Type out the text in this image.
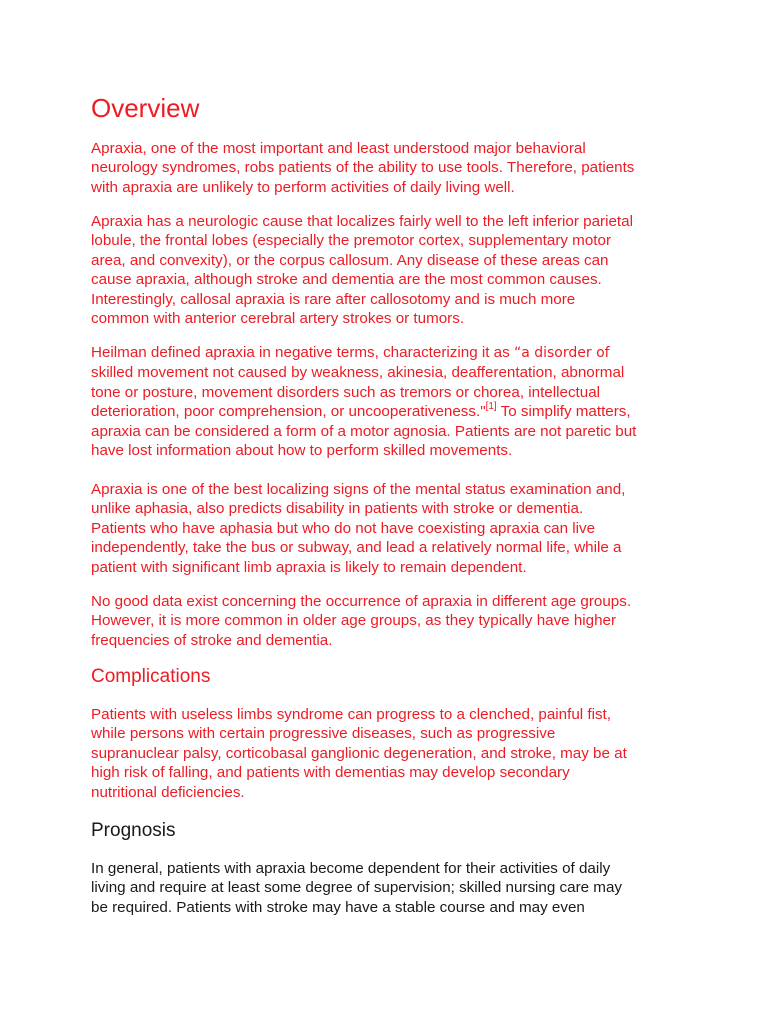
Overview

Apraxia, one of the most important and least understood major behavioral
neurology syndromes, robs patients of the ability to use tools. Therefore, patients
with apraxia are unlikely to perform activities of daily living well.

Apraxia has a neurologic cause that localizes fairly well to the left inferior parietal
lobule, the frontal lobes (especially the premotor cortex, supplementary motor
area, and convexity), or the corpus callosum. Any disease of these areas can
cause apraxia, although stroke and dementia are the most common causes.
Interestingly, callosal apraxia is rare after callosotomy and is much more
common with anterior cerebral artery strokes or tumors.

Heilman defined apraxia in negative terms, characterizing it as “a disorder of
skilled movement not caused by weakness, akinesia, deafferentation, abnormal
tone or posture, movement disorders such as tremors or chorea, intellectual
deterioration, poor comprehension, or uncooperativeness."[1] To simplify matters,
apraxia can be considered a form of a motor agnosia. Patients are not paretic but
have lost information about how to perform skilled movements.

Apraxia is one of the best localizing signs of the mental status examination and,
unlike aphasia, also predicts disability in patients with stroke or dementia.
Patients who have aphasia but who do not have coexisting apraxia can live
independently, take the bus or subway, and lead a relatively normal life, while a
patient with significant limb apraxia is likely to remain dependent.

No good data exist concerning the occurrence of apraxia in different age groups.
However, it is more common in older age groups, as they typically have higher
frequencies of stroke and dementia.

Complications

Patients with useless limbs syndrome can progress to a clenched, painful fist,
while persons with certain progressive diseases, such as progressive
supranuclear palsy, corticobasal ganglionic degeneration, and stroke, may be at
high risk of falling, and patients with dementias may develop secondary
nutritional deficiencies.

Prognosis

In general, patients with apraxia become dependent for their activities of daily
living and require at least some degree of supervision; skilled nursing care may
be required. Patients with stroke may have a stable course and may even
